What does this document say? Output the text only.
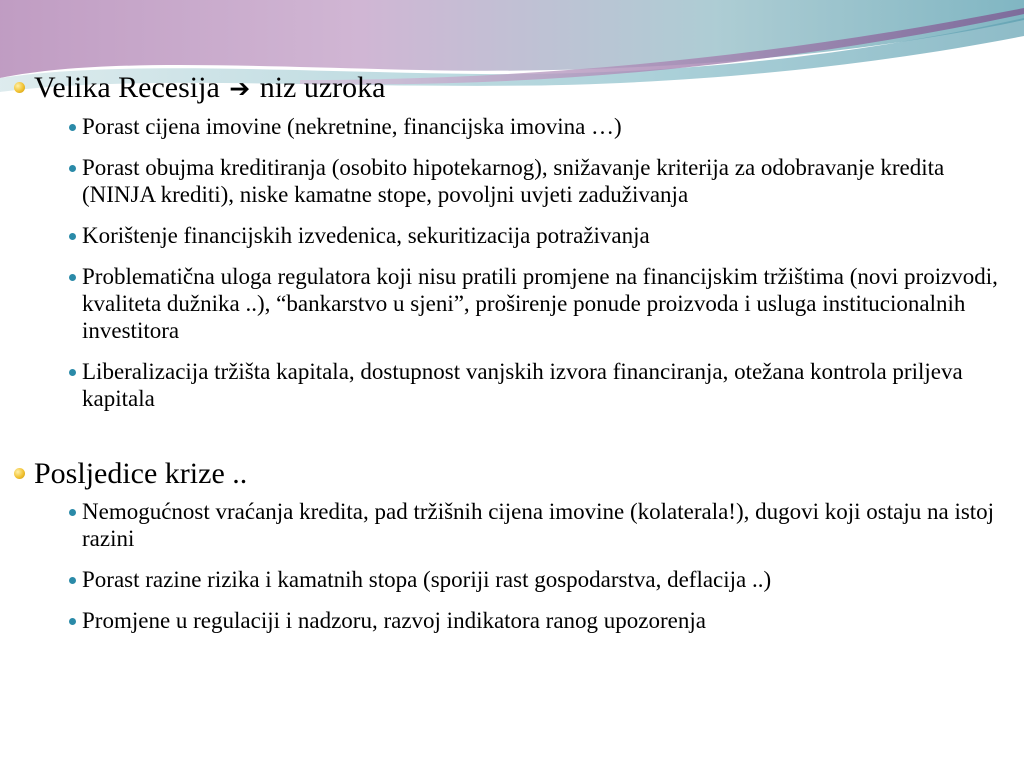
Velika Recesija ➔ niz uzroka
Porast cijena imovine (nekretnine, financijska imovina …)
Porast obujma kreditiranja (osobito hipotekarnog), snižavanje kriterija za odobravanje kredita (NINJA krediti), niske kamatne stope, povoljni uvjeti zaduživanja
Korištenje financijskih izvedenica, sekuritizacija potraživanja
Problematična uloga regulatora koji nisu pratili promjene na financijskim tržištima (novi proizvodi, kvaliteta dužnika ..), “bankarstvo u sjeni”, proširenje ponude proizvoda i usluga institucionalnih investitora
Liberalizacija tržišta kapitala, dostupnost vanjskih izvora financiranja, otežana kontrola priljeva kapitala
Posljedice krize ..
Nemogućnost vraćanja kredita, pad tržišnih cijena imovine (kolaterala!), dugovi koji ostaju na istoj razini
Porast razine rizika i kamatnih stopa (sporiji rast gospodarstva, deflacija ..)
Promjene u regulaciji i nadzoru, razvoj indikatora ranog upozorenja
